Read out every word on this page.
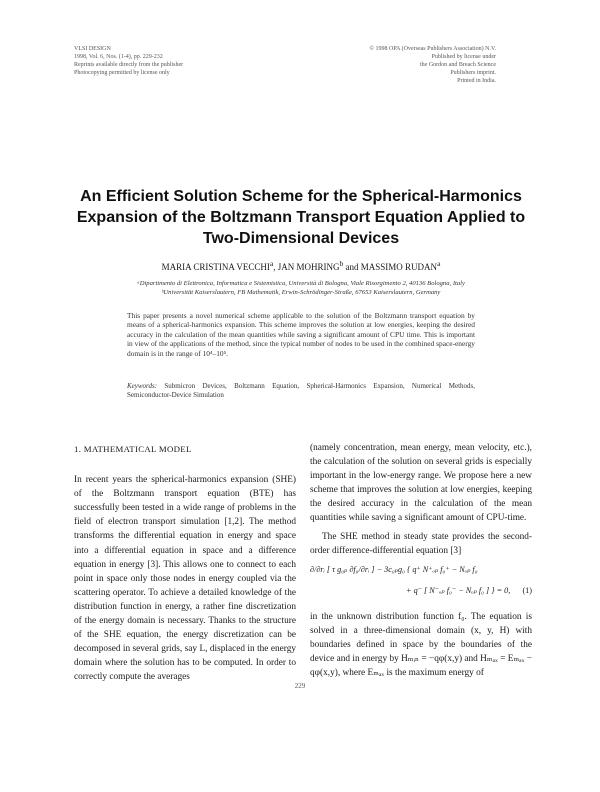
VLSI DESIGN
1998, Vol. 6, Nos. (1-4), pp. 229-232
Reprints available directly from the publisher
Photocopying permitted by license only
© 1998 OPA (Overseas Publishers Association) N.V.
Published by license under
the Gordon and Breach Science
Publishers imprint.
Printed in India.
An Efficient Solution Scheme for the Spherical-Harmonics Expansion of the Boltzmann Transport Equation Applied to Two-Dimensional Devices
MARIA CRISTINA VECCHI$^a$, JAN MOHRING$^b$ and MASSIMO RUDAN$^a$
ᵃDipartimento di Elettronica, Informatica e Sistemistica, Università di Bologna, Viale Risorgimento 2, 40136 Bologna, Italy
ᵇUniversität Kaiserslautern, FB Mathematik, Erwin-Schrödinger-Straße, 67653 Kaiserslautern, Germany
This paper presents a novel numerical scheme applicable to the solution of the Boltzmann transport equation by means of a spherical-harmonics expansion. This scheme improves the solution at low energies, keeping the desired accuracy in the calculation of the mean quantities while saving a significant amount of CPU time. This is important in view of the applications of the method, since the typical number of nodes to be used in the combined space-energy domain is in the range of 10⁴–10⁵.
Keywords: Submicron Devices, Boltzmann Equation, Spherical-Harmonics Expansion, Numerical Methods, Semiconductor-Device Simulation
1. MATHEMATICAL MODEL

In recent years the spherical-harmonics expansion (SHE) of the Boltzmann transport equation (BTE) has successfully been tested in a wide range of problems in the field of electron transport simulation [1,2]. The method transforms the differential equation in energy and space into a differential equation in space and a difference equation in energy [3]. This allows one to connect to each point in space only those nodes in energy coupled via the scattering operator. To achieve a detailed knowledge of the distribution function in energy, a rather fine discretization of the energy domain is necessary. Thanks to the structure of the SHE equation, the energy discretization can be decomposed in several grids, say L, displaced in the energy domain where the solution has to be computed. In order to correctly compute the averages

(namely concentration, mean energy, mean velocity, etc.), the calculation of the solution on several grids is especially important in the low-energy range. We propose here a new scheme that improves the solution at low energies, keeping the desired accuracy in the calculation of the mean quantities while saving a significant amount of CPU-time.

The SHE method in steady state provides the second-order difference-differential equation [3]

∂/∂rᵢ [ τ g₀ₚ ∂f₀/∂rᵢ ] − 3c₀ₚg₀ { q⁺ N⁺ₒₚ f₀⁺ − Nₒₚ f₀
+ q⁻ [ N⁻ₒₚ f₀⁻ − Nₒₚ f₀ ] } = 0, (1)

in the unknown distribution function f₀. The equation is solved in a three-dimensional domain (x, y, H) with boundaries defined in space by the boundaries of the device and in energy by Hₘᵢₙ = −qφ(x,y) and Hₘₐₓ = Eₘₐₓ − qφ(x,y), where Eₘₐₓ is the maximum energy of

229
